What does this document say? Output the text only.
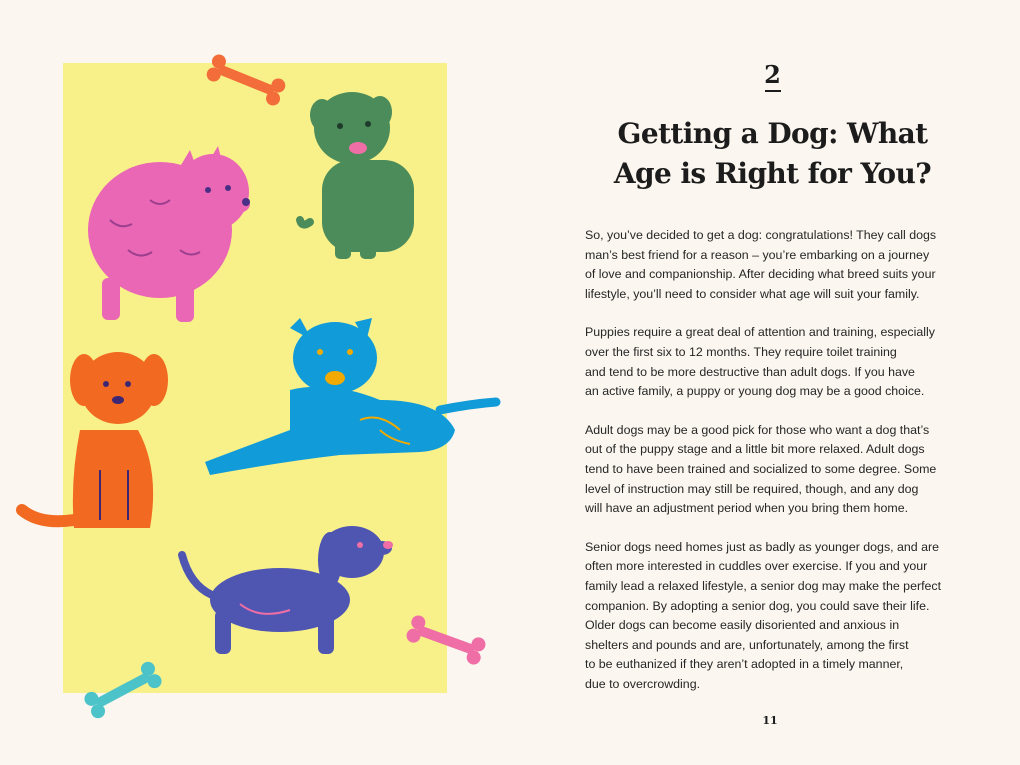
2
Getting a Dog: What
Age is Right for You?

So, you’ve decided to get a dog: congratulations! They call dogs
man’s best friend for a reason – you’re embarking on a journey
of love and companionship. After deciding what breed suits your
lifestyle, you’ll need to consider what age will suit your family.

Puppies require a great deal of attention and training, especially
over the first six to 12 months. They require toilet training
and tend to be more destructive than adult dogs. If you have
an active family, a puppy or young dog may be a good choice.

Adult dogs may be a good pick for those who want a dog that’s
out of the puppy stage and a little bit more relaxed. Adult dogs
tend to have been trained and socialized to some degree. Some
level of instruction may still be required, though, and any dog
will have an adjustment period when you bring them home.

Senior dogs need homes just as badly as younger dogs, and are
often more interested in cuddles over exercise. If you and your
family lead a relaxed lifestyle, a senior dog may make the perfect
companion. By adopting a senior dog, you could save their life.
Older dogs can become easily disoriented and anxious in
shelters and pounds and are, unfortunately, among the first
to be euthanized if they aren’t adopted in a timely manner,
due to overcrowding.

11
